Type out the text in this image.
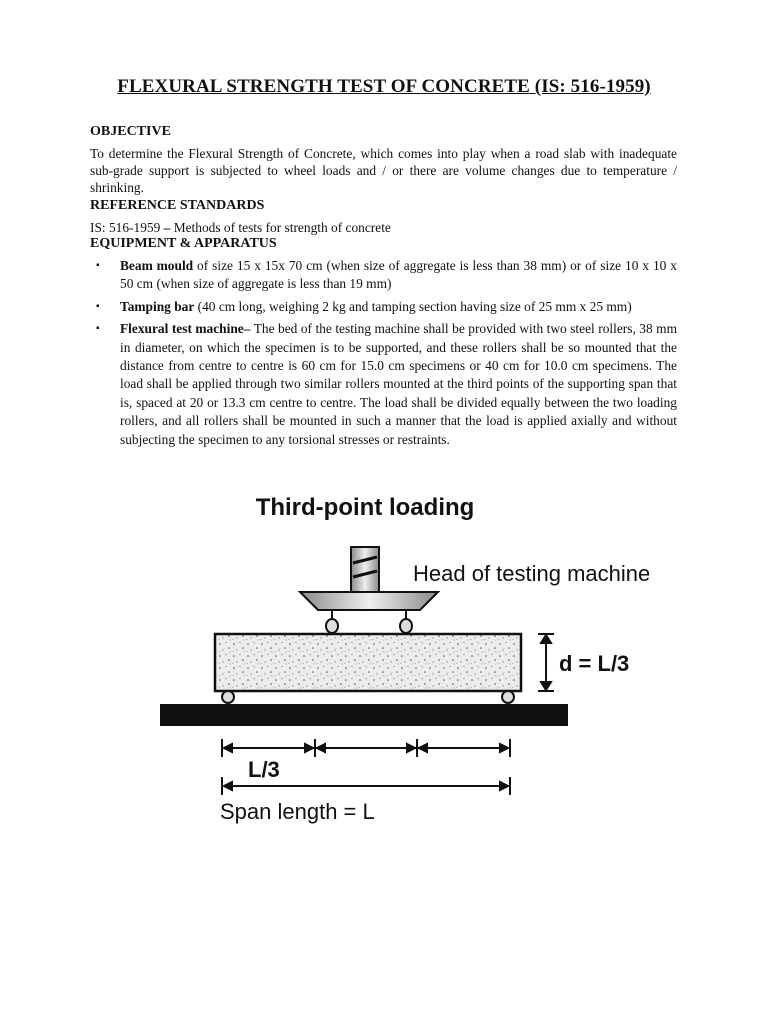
FLEXURAL STRENGTH TEST OF CONCRETE (IS: 516-1959)
OBJECTIVE
To determine the Flexural Strength of Concrete, which comes into play when a road slab with inadequate sub-grade support is subjected to wheel loads and / or there are volume changes due to temperature / shrinking.
REFERENCE STANDARDS
IS: 516-1959 – Methods of tests for strength of concrete
EQUIPMENT & APPARATUS
▪ Beam mould of size 15 x 15x 70 cm (when size of aggregate is less than 38 mm) or of size 10 x 10 x 50 cm (when size of aggregate is less than 19 mm)
▪ Tamping bar (40 cm long, weighing 2 kg and tamping section having size of 25 mm x 25 mm)
▪ Flexural test machine– The bed of the testing machine shall be provided with two steel rollers, 38 mm in diameter, on which the specimen is to be supported, and these rollers shall be so mounted that the distance from centre to centre is 60 cm for 15.0 cm specimens or 40 cm for 10.0 cm specimens. The load shall be applied through two similar rollers mounted at the third points of the supporting span that is, spaced at 20 or 13.3 cm centre to centre. The load shall be divided equally between the two loading rollers, and all rollers shall be mounted in such a manner that the load is applied axially and without subjecting the specimen to any torsional stresses or restraints.
Third-point loading
Head of testing machine
d = L/3
L/3
Span length = L
